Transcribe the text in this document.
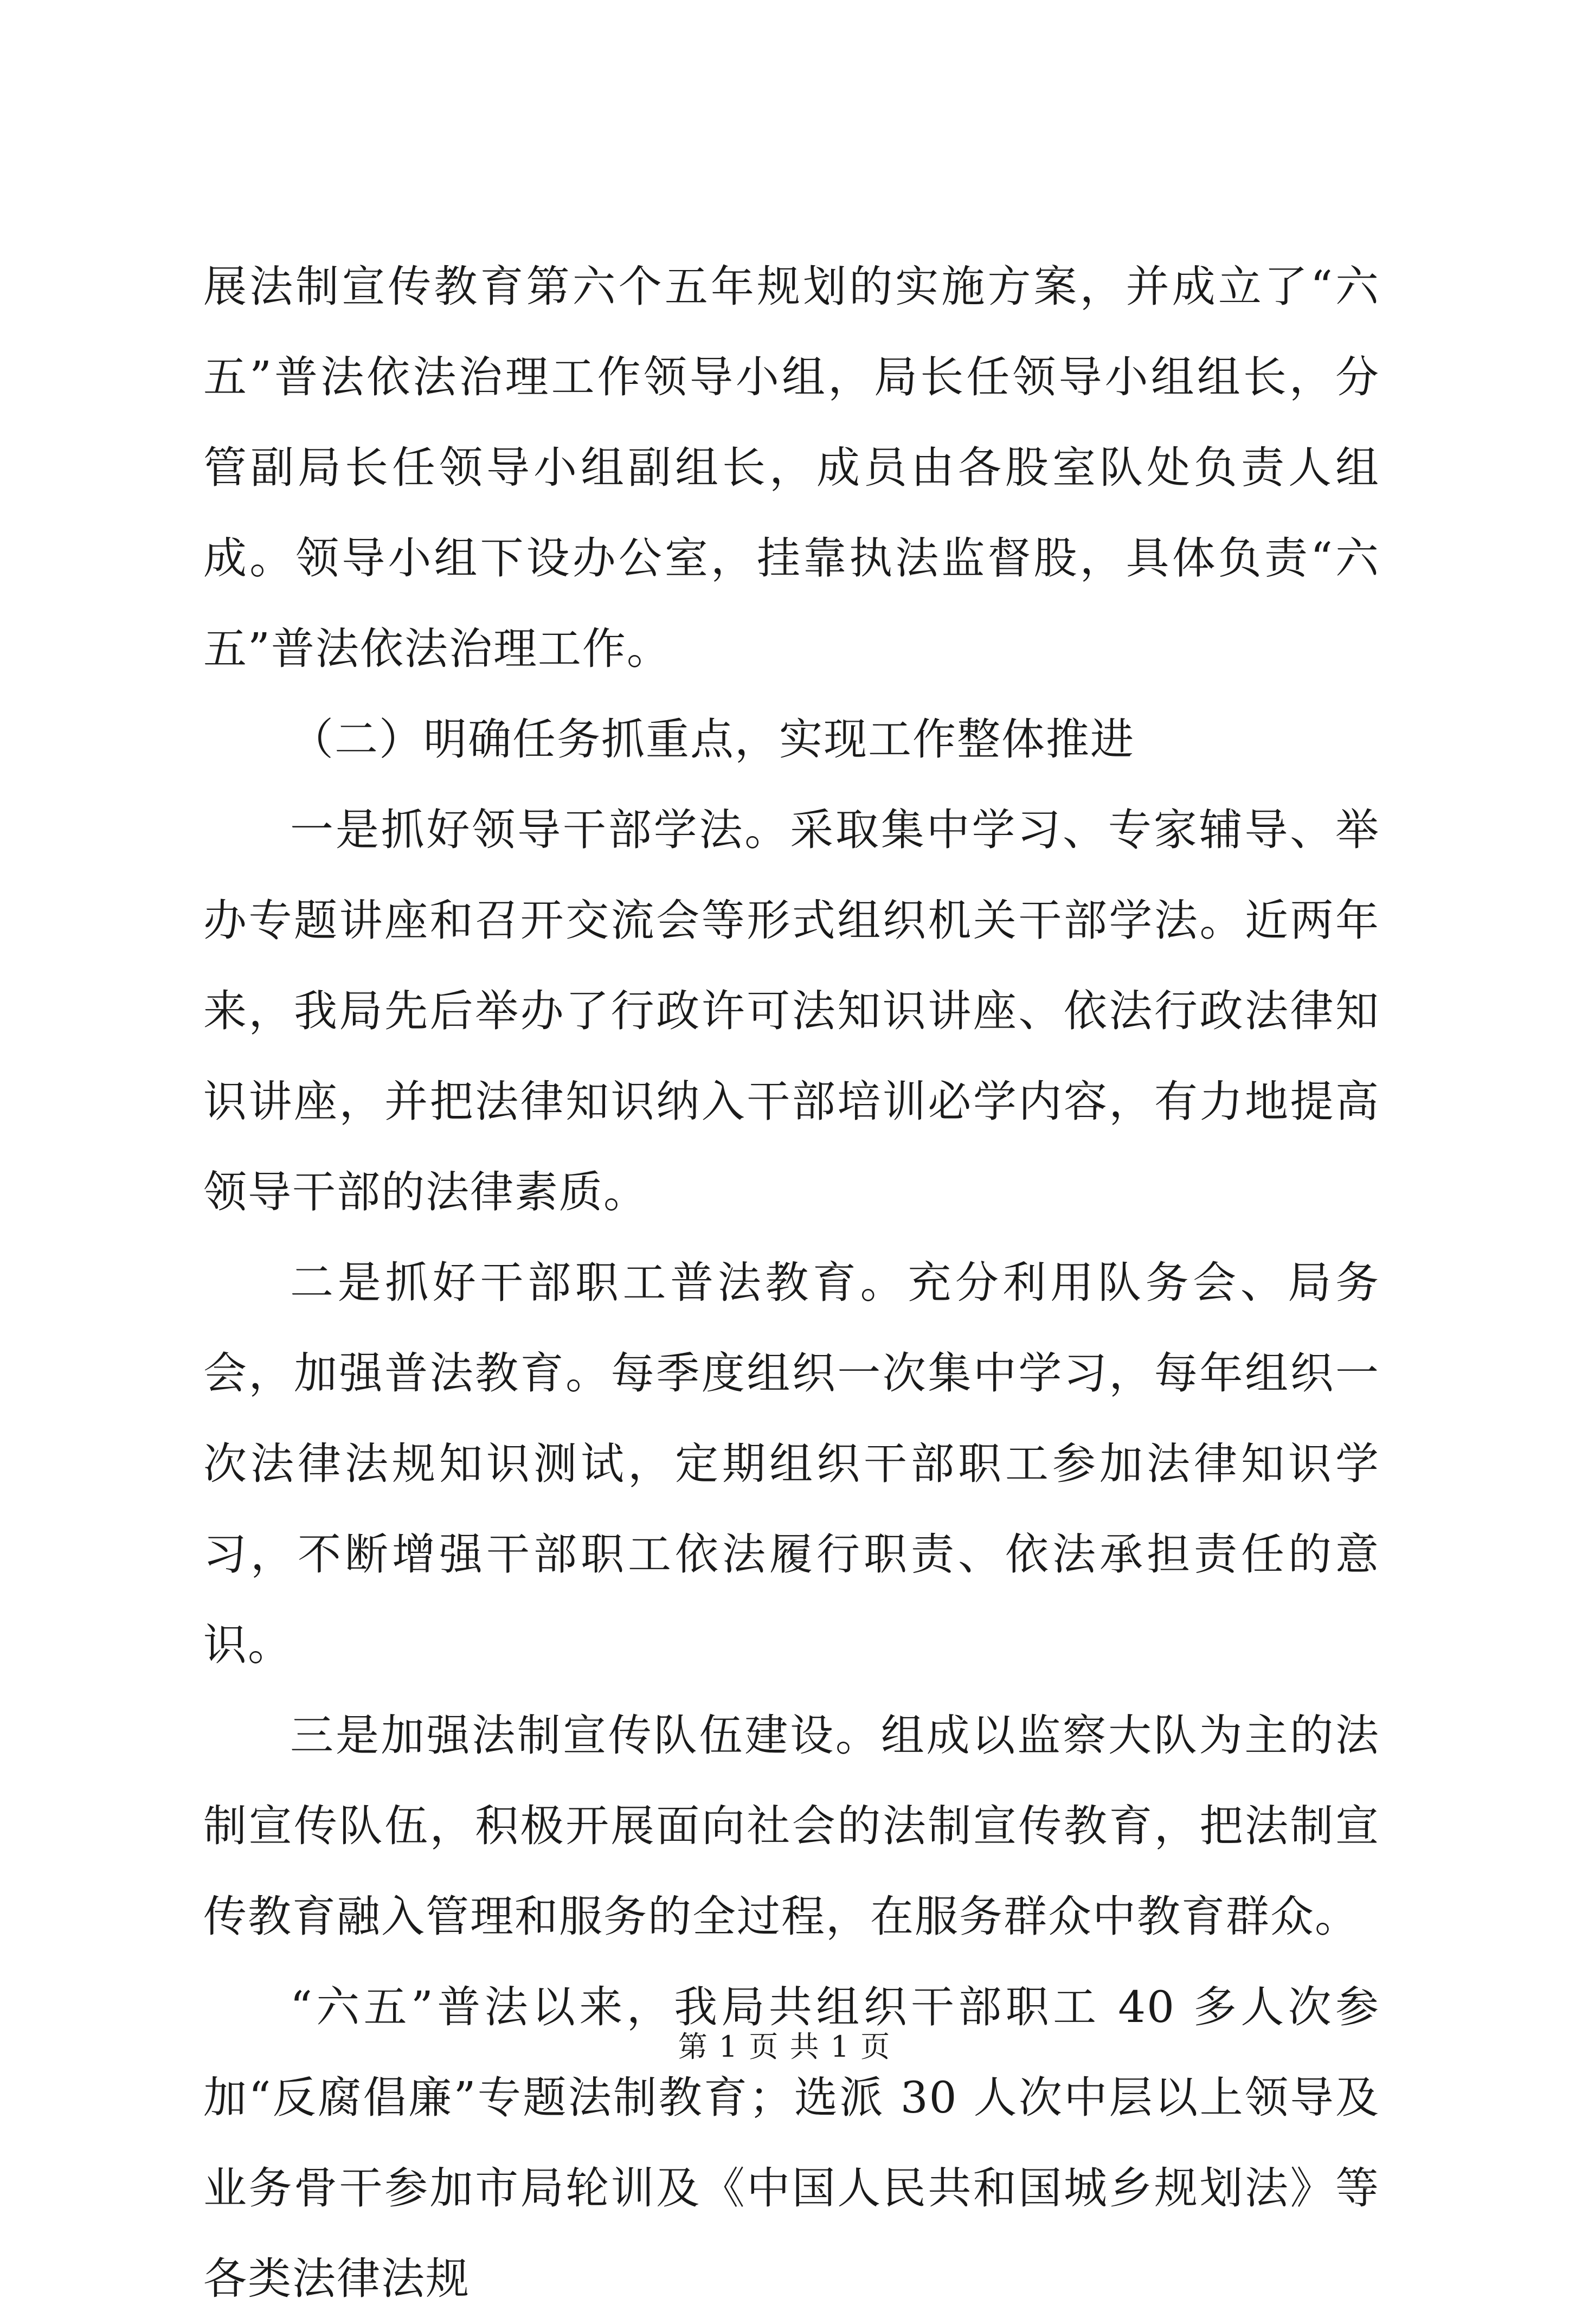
展法制宣传教育第六个五年规划的实施方案，并成立了“六五”普法依法治理工作领导小组，局长任领导小组组长，分管副局长任领导小组副组长，成员由各股室队处负责人组成。领导小组下设办公室，挂靠执法监督股，具体负责“六五”普法依法治理工作。

（二）明确任务抓重点，实现工作整体推进

一是抓好领导干部学法。采取集中学习、专家辅导、举办专题讲座和召开交流会等形式组织机关干部学法。近两年来，我局先后举办了行政许可法知识讲座、依法行政法律知识讲座，并把法律知识纳入干部培训必学内容，有力地提高领导干部的法律素质。

二是抓好干部职工普法教育。充分利用队务会、局务会，加强普法教育。每季度组织一次集中学习，每年组织一次法律法规知识测试，定期组织干部职工参加法律知识学习，不断增强干部职工依法履行职责、依法承担责任的意识。

三是加强法制宣传队伍建设。组成以监察大队为主的法制宣传队伍，积极开展面向社会的法制宣传教育，把法制宣传教育融入管理和服务的全过程，在服务群众中教育群众。

“六五”普法以来，我局共组织干部职工 40 多人次参加“反腐倡廉”专题法制教育；选派 30 人次中层以上领导及业务骨干参加市局轮训及《中国人民共和国城乡规划法》等各类法律法规

第 1 页 共 1 页
